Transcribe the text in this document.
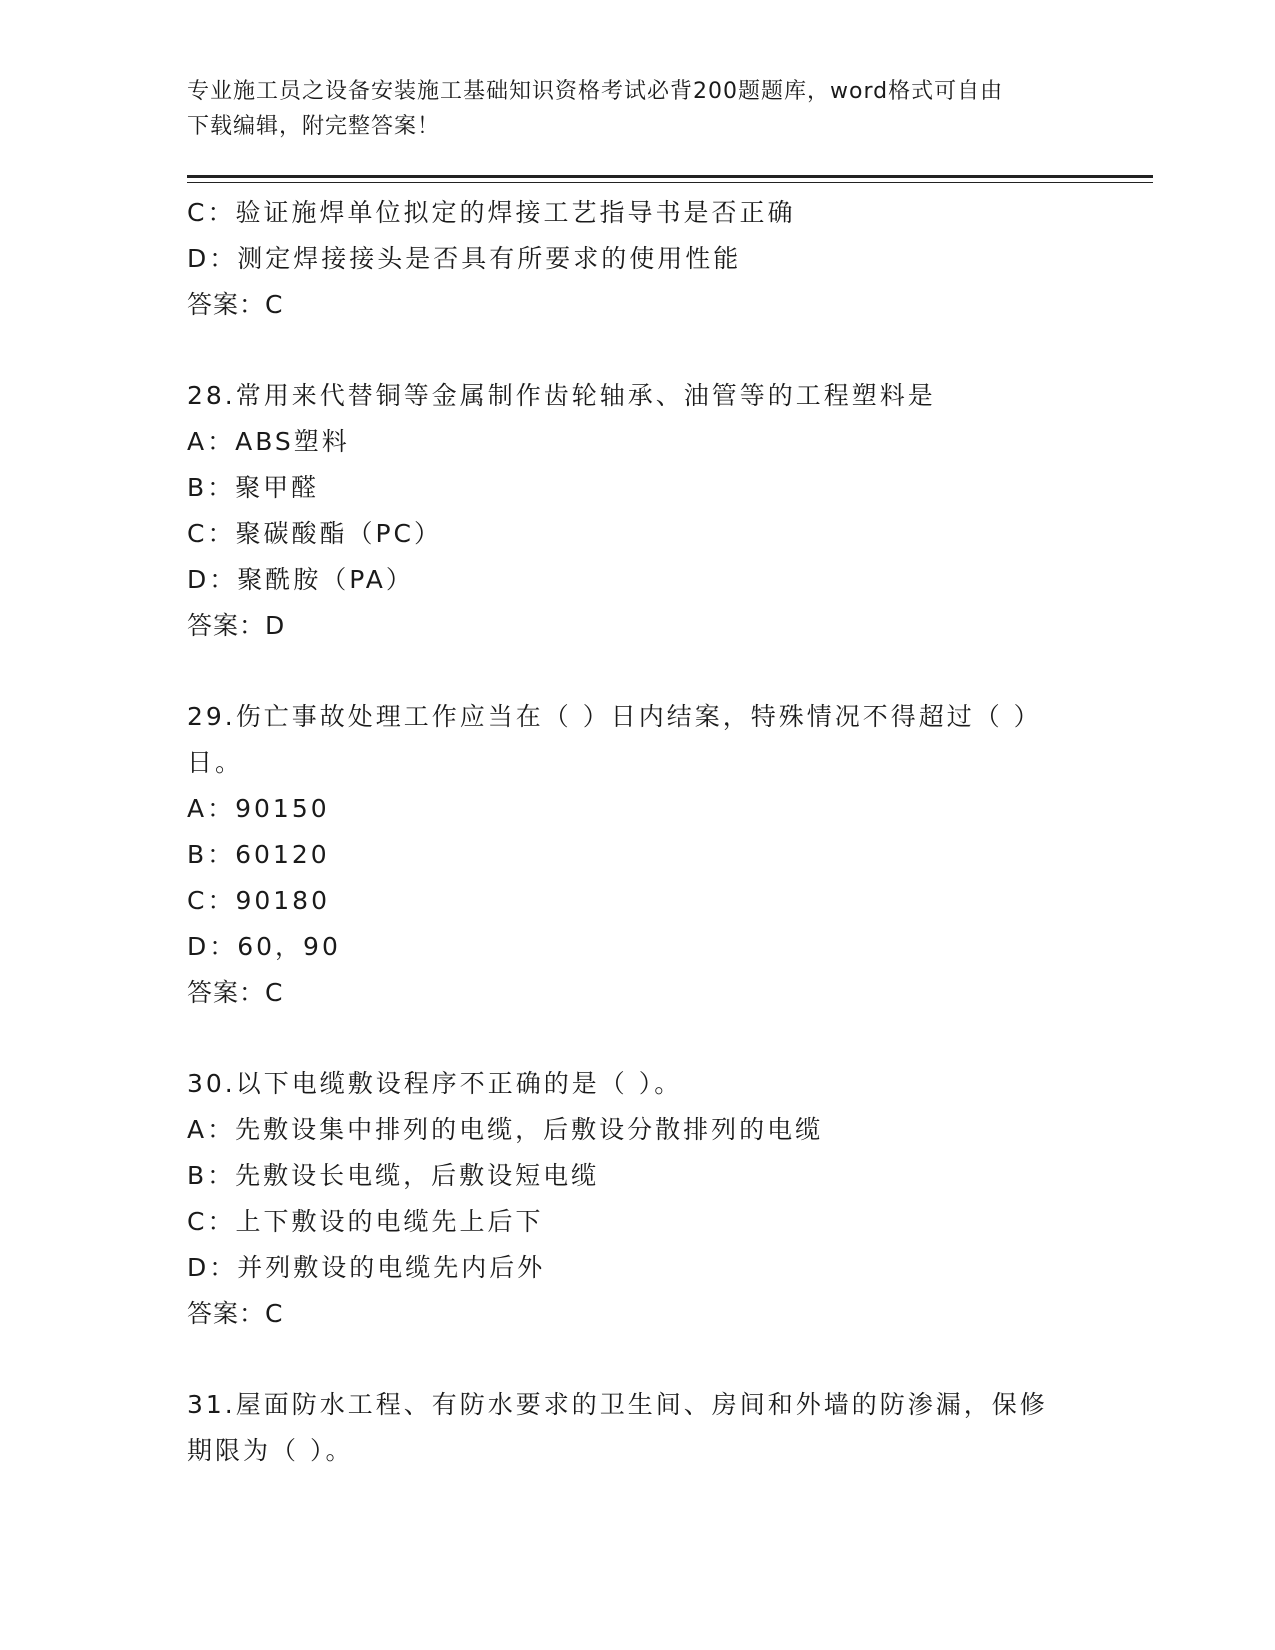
专业施工员之设备安装施工基础知识资格考试必背200题题库，word格式可自由
下载编辑，附完整答案！
C：验证施焊单位拟定的焊接工艺指导书是否正确
D：测定焊接接头是否具有所要求的使用性能
答案：C
28.常用来代替铜等金属制作齿轮轴承、油管等的工程塑料是
A：ABS塑料
B：聚甲醛
C：聚碳酸酯（PC）
D：聚酰胺（PA）
答案：D
29.伤亡事故处理工作应当在（ ）日内结案，特殊情况不得超过（ ）
日。
A：90150
B：60120
C：90180
D：60，90
答案：C
30.以下电缆敷设程序不正确的是（ ）。
A：先敷设集中排列的电缆，后敷设分散排列的电缆
B：先敷设长电缆，后敷设短电缆
C：上下敷设的电缆先上后下
D：并列敷设的电缆先内后外
答案：C
31.屋面防水工程、有防水要求的卫生间、房间和外墙的防渗漏，保修
期限为（ ）。
